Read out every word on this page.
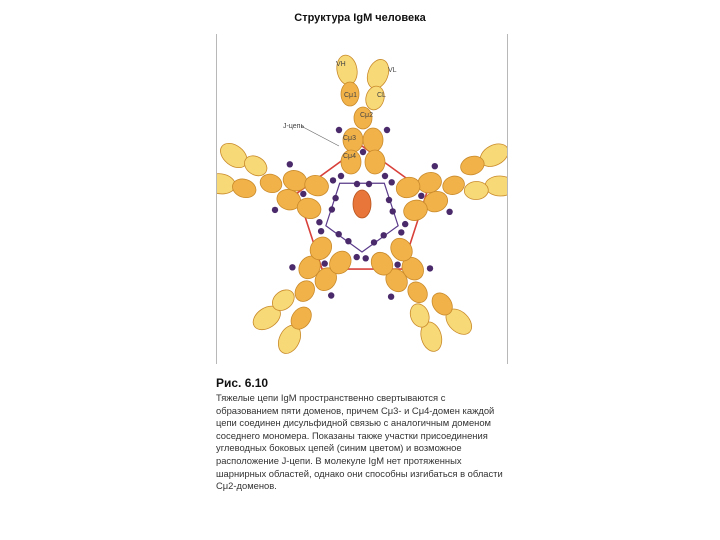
Структура IgM человека
VH
VL
Cμ1	CL
Cμ2
Cμ3
Cμ4
J-цепь

Рис. 6.10

Тяжелые цепи IgM пространственно свертываются с образованием пяти доменов, причем Cμ3- и Cμ4-домен каждой цепи соединен дисульфидной связью с аналогичным доменом соседнего мономера. Показаны также участки присоединения углеводных боковых цепей (синим цветом) и возможное расположение J-цепи. В молекуле IgM нет протяженных шарнирных областей, однако они способны изгибаться в области Cμ2-доменов.
